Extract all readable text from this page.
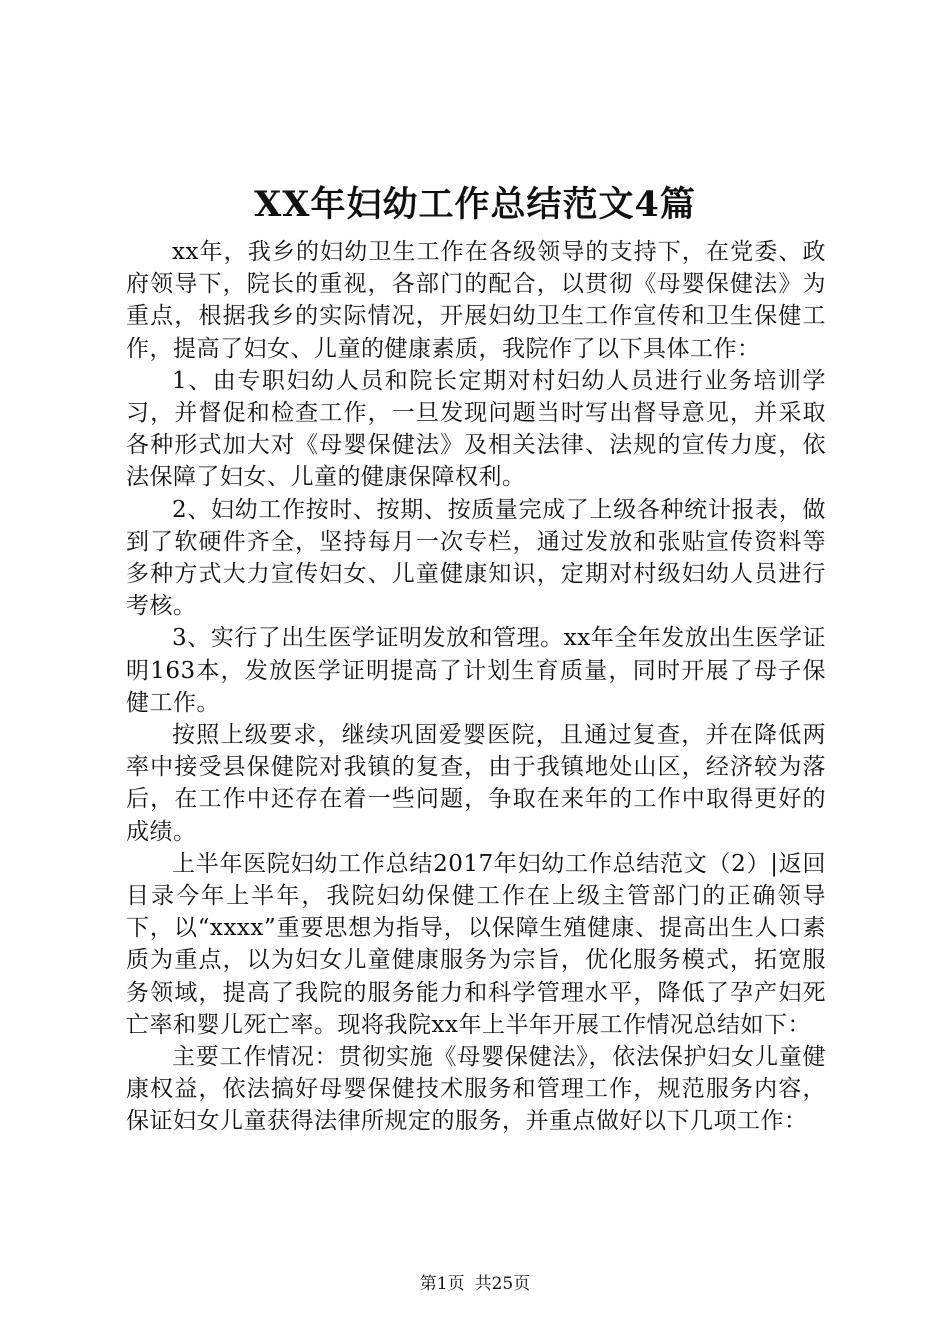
XX年妇幼工作总结范文4篇

xx年，我乡的妇幼卫生工作在各级领导的支持下，在党委、政府领导下，院长的重视，各部门的配合，以贯彻《母婴保健法》为重点，根据我乡的实际情况，开展妇幼卫生工作宣传和卫生保健工作，提高了妇女、儿童的健康素质，我院作了以下具体工作：

1、由专职妇幼人员和院长定期对村妇幼人员进行业务培训学习，并督促和检查工作，一旦发现问题当时写出督导意见，并采取各种形式加大对《母婴保健法》及相关法律、法规的宣传力度，依法保障了妇女、儿童的健康保障权利。

2、妇幼工作按时、按期、按质量完成了上级各种统计报表，做到了软硬件齐全，坚持每月一次专栏，通过发放和张贴宣传资料等多种方式大力宣传妇女、儿童健康知识，定期对村级妇幼人员进行考核。

3、实行了出生医学证明发放和管理。xx年全年发放出生医学证明163本，发放医学证明提高了计划生育质量，同时开展了母子保健工作。

按照上级要求，继续巩固爱婴医院，且通过复查，并在降低两率中接受县保健院对我镇的复查，由于我镇地处山区，经济较为落后，在工作中还存在着一些问题，争取在来年的工作中取得更好的成绩。

上半年医院妇幼工作总结2017年妇幼工作总结范文（2）|返回目录今年上半年，我院妇幼保健工作在上级主管部门的正确领导下，以“xxxx”重要思想为指导，以保障生殖健康、提高出生人口素质为重点，以为妇女儿童健康服务为宗旨，优化服务模式，拓宽服务领域，提高了我院的服务能力和科学管理水平，降低了孕产妇死亡率和婴儿死亡率。现将我院xx年上半年开展工作情况总结如下：

主要工作情况：贯彻实施《母婴保健法》，依法保护妇女儿童健康权益，依法搞好母婴保健技术服务和管理工作，规范服务内容，保证妇女儿童获得法律所规定的服务，并重点做好以下几项工作：

第1页 共25页
